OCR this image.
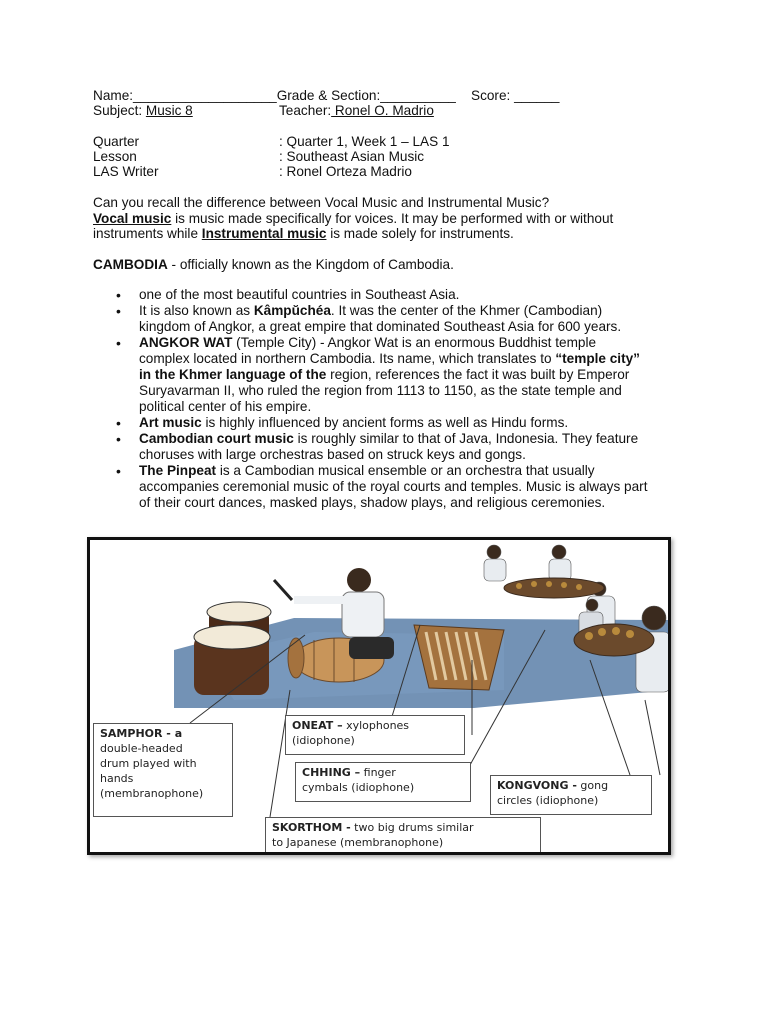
Name:___________________Grade & Section:__________ Score: ______
Subject: Music 8	Teacher: Ronel O. Madrio
Quarter	: Quarter 1, Week 1 – LAS 1
Lesson	: Southeast Asian Music
LAS Writer	: Ronel Orteza Madrio
Can you recall the difference between Vocal Music and Instrumental Music?
Vocal music is music made specifically for voices. It may be performed with or without
instruments while Instrumental music is made solely for instruments.
CAMBODIA - officially known as the Kingdom of Cambodia.
• one of the most beautiful countries in Southeast Asia.
• It is also known as Kâmpŭchéa. It was the center of the Khmer (Cambodian)
kingdom of Angkor, a great empire that dominated Southeast Asia for 600 years.
• ANGKOR WAT (Temple City) - Angkor Wat is an enormous Buddhist temple
complex located in northern Cambodia. Its name, which translates to “temple city”
in the Khmer language of the region, references the fact it was built by Emperor
Suryavarman II, who ruled the region from 1113 to 1150, as the state temple and
political center of his empire.
• Art music is highly influenced by ancient forms as well as Hindu forms.
• Cambodian court music is roughly similar to that of Java, Indonesia. They feature
choruses with large orchestras based on struck keys and gongs.
• The Pinpeat is a Cambodian musical ensemble or an orchestra that usually
accompanies ceremonial music of the royal courts and temples. Music is always part
of their court dances, masked plays, shadow plays, and religious ceremonies.
SAMPHOR - a
double-headed
drum played with
hands
(membranophone)
ONEAT – xylophones
(idiophone)
CHHING – finger
cymbals (idiophone)	KONGVONG - gong
circles (idiophone)
SKORTHOM - two big drums similar
to Japanese (membranophone)
